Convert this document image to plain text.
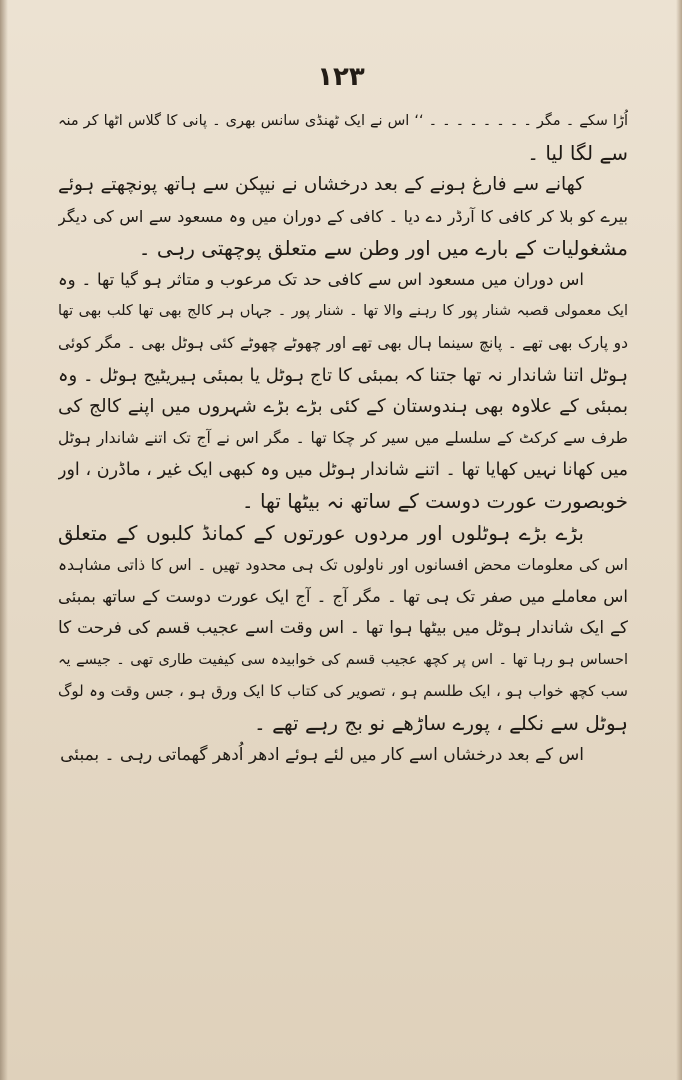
۱۲۳
اُڑا سکے ۔ مگر ۔ ۔ ۔ ۔ ۔ ۔ ۔ ۔ ‘‘ اس نے ایک ٹھنڈی سانس بھری ۔ پانی کا گلاس اٹھا کر منہ
سے لگا لیا ۔
کھانے سے فارغ ہونے کے بعد درخشاں نے نیپکن سے ہاتھ پونچھتے ہوئے
بیرے کو بلا کر کافی کا آرڈر دے دیا ۔ کافی کے دوران میں وہ مسعود سے اس کی دیگر
مشغولیات کے بارے میں اور وطن سے متعلق پوچھتی رہی ۔
اس دوران میں مسعود اس سے کافی حد تک مرعوب و متاثر ہو گیا تھا ۔ وہ
ایک معمولی قصبہ شنار پور کا رہنے والا تھا ۔ شنار پور ۔ جہاں ہر کالج بھی تھا کلب بھی تھا
دو پارک بھی تھے ۔ پانچ سینما ہال بھی تھے اور چھوٹے چھوٹے کئی ہوٹل بھی ۔ مگر کوئی
ہوٹل اتنا شاندار نہ تھا جتنا کہ بمبئی کا تاج ہوٹل یا بمبئی ہیریٹیج ہوٹل ۔ وہ
بمبئی کے علاوہ بھی ہندوستان کے کئی بڑے بڑے شہروں میں اپنے کالج کی
طرف سے کرکٹ کے سلسلے میں سیر کر چکا تھا ۔ مگر اس نے آج تک اتنے شاندار ہوٹل
میں کھانا نہیں کھایا تھا ۔ اتنے شاندار ہوٹل میں وہ کبھی ایک غیر ، ماڈرن ، اور
خوبصورت عورت دوست کے ساتھ نہ بیٹھا تھا ۔
بڑے بڑے ہوٹلوں اور مردوں عورتوں کے کمانڈ کلبوں کے متعلق
اس کی معلومات محض افسانوں اور ناولوں تک ہی محدود تھیں ۔ اس کا ذاتی مشاہدہ
اس معاملے میں صفر تک ہی تھا ۔ مگر آج ۔ آج ایک عورت دوست کے ساتھ بمبئی
کے ایک شاندار ہوٹل میں بیٹھا ہوا تھا ۔ اس وقت اسے عجیب قسم کی فرحت کا
احساس ہو رہا تھا ۔ اس پر کچھ عجیب قسم کی خوابیدہ سی کیفیت طاری تھی ۔ جیسے یہ
سب کچھ خواب ہو ، ایک طلسم ہو ، تصویر کی کتاب کا ایک ورق ہو ، جس وقت وہ لوگ
ہوٹل سے نکلے ، پورے ساڑھے نو بج رہے تھے ۔
اس کے بعد درخشاں اسے کار میں لئے ہوئے ادھر اُدھر گھماتی رہی ۔ بمبئی
